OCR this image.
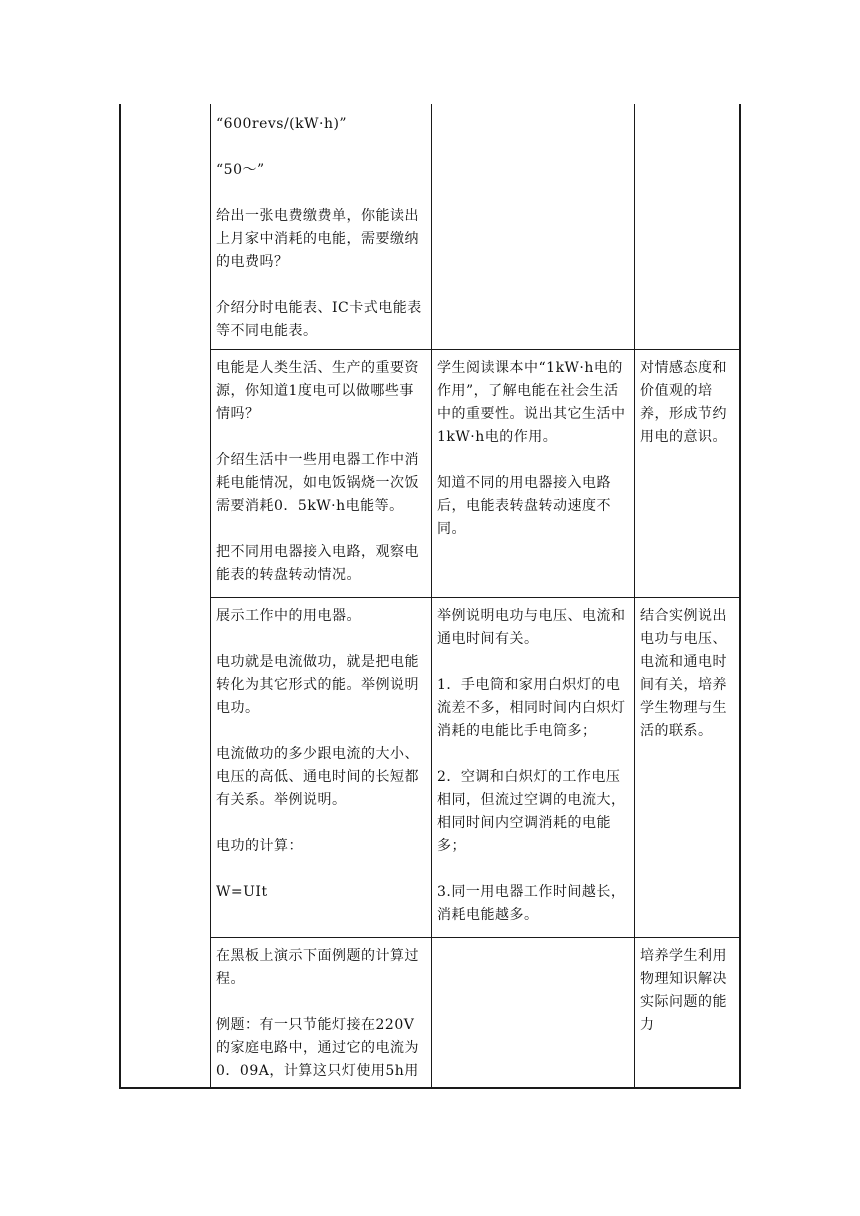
“600revs/(kW·h)”

“50～”

给出一张电费缴费单，你能读出上月家中消耗的电能，需要缴纳的电费吗？

介绍分时电能表、IC卡式电能表等不同电能表。

电能是人类生活、生产的重要资源，你知道1度电可以做哪些事情吗？

介绍生活中一些用电器工作中消耗电能情况，如电饭锅烧一次饭需要消耗0．5kW·h电能等。

把不同用电器接入电路，观察电能表的转盘转动情况。

学生阅读课本中“1kW·h电的作用”，了解电能在社会生活中的重要性。说出其它生活中 1kW·h电的作用。

知道不同的用电器接入电路后，电能表转盘转动速度不同。

对情感态度和价值观的培养，形成节约用电的意识。

展示工作中的用电器。

电功就是电流做功，就是把电能转化为其它形式的能。举例说明电功。

电流做功的多少跟电流的大小、电压的高低、通电时间的长短都有关系。举例说明。

电功的计算：

W=UIt

举例说明电功与电压、电流和通电时间有关。

1．手电筒和家用白炽灯的电流差不多，相同时间内白炽灯消耗的电能比手电筒多；

2．空调和白炽灯的工作电压相同，但流过空调的电流大，相同时间内空调消耗的电能多；

3.同一用电器工作时间越长，消耗电能越多。

结合实例说出电功与电压、电流和通电时间有关，培养学生物理与生活的联系。

在黑板上演示下面例题的计算过程。

例题：有一只节能灯接在220V的家庭电路中，通过它的电流为0．09A，计算这只灯使用5h用

培养学生利用物理知识解决实际问题的能力
